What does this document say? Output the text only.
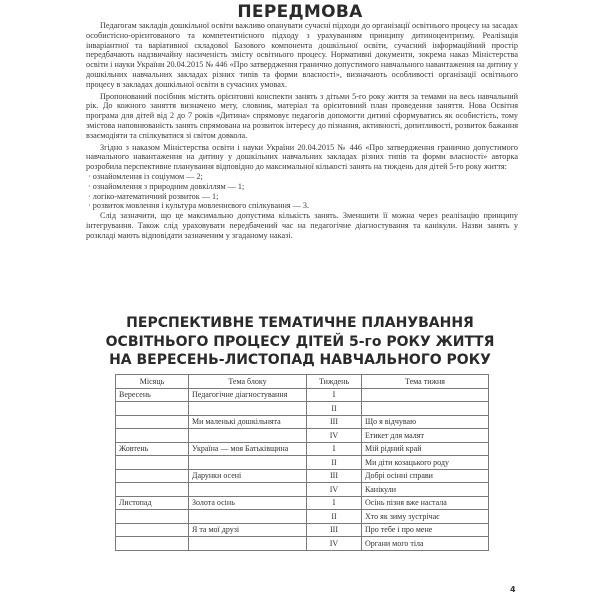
ПЕРЕДМОВА

Педагогам закладів дошкільної освіти важливо опанувати сучасні підходи до організації освітнього процесу на засадах особистісно-орієнтованого та компетентнісного підходу з урахуванням принципу дитиноцентризму. Реалізація інваріантної та варіативної складової Базового компонента дошкільної освіти, сучасний інформаційний простір передбачають надзвичайну насиченість змісту освітнього процесу. Нормативні документи, зокрема наказ Міністерства освіти і науки України 20.04.2015 № 446 «Про затвердження гранично допустимого навчального навантаження на дитину у дошкільних навчальних закладах різних типів та форми власності», визначають особливості організації освітнього процесу в закладах дошкільної освіти в сучасних умовах.

Пропонований посібник містить орієнтовні конспекти занять з дітьми 5-го року життя за темами на весь навчальний рік. До кожного заняття визначено мету, словник, матеріал та орієнтовний план проведення заняття. Нова Освітня програма для дітей від 2 до 7 років «Дитина» спрямовує педагогів допомогти дитині сформуватись як особистість, тому змістова наповнюваність занять спрямована на розвиток інтересу до пізнання, активності, допитливості, розвиток бажання взаємодіяти та спілкуватися зі світом довкола.

Згідно з наказом Міністерства освіти і науки України 20.04.2015 № 446 «Про затвердження гранично допустимого навчального навантаження на дитину у дошкільних навчальних закладах різних типів та форми власності» авторка розробила перспективне планування відповідно до максимальної кількості занять на тиждень для дітей 5-го року життя:

· ознайомлення із соціумом — 2;
· ознайомлення з природним довкіллям — 1;
· логіко-математичний розвиток — 1;
· розвиток мовлення і культура мовленнєвого спілкування — 3.

Слід зазначити, що це максимально допустима кількість занять. Зменшити її можна через реалізацію принципу інтегрування. Також слід ураховувати передбачений час на педагогічне діагностування та канікули. Назви занять у розкладі мають відповідати зазначеним у згаданому наказі.

ПЕРСПЕКТИВНЕ ТЕМАТИЧНЕ ПЛАНУВАННЯ
ОСВІТНЬОГО ПРОЦЕСУ ДІТЕЙ 5-го РОКУ ЖИТТЯ
НА ВЕРЕСЕНЬ-ЛИСТОПАД НАВЧАЛЬНОГО РОКУ
Місяць	Тема блоку	Тиждень	Тема тижня
Вересень	Педагогічне діагностування	I	
		II	
	Ми маленькі дошкільнята	III	Що я відчуваю
		IV	Етикет для малят
Жовтень	Україна — моя Батьківщина	I	Мій рідний край
		II	Ми діти козацького роду
	Дарунки осені	III	Добрі осінні справи
		IV	Канікули
Листопад	Золота осінь	I	Осінь пізня вже настала
		II	Хто як зиму зустрічає
	Я та мої друзі	III	Про тебе і про мене
		IV	Органи мого тіла
4
